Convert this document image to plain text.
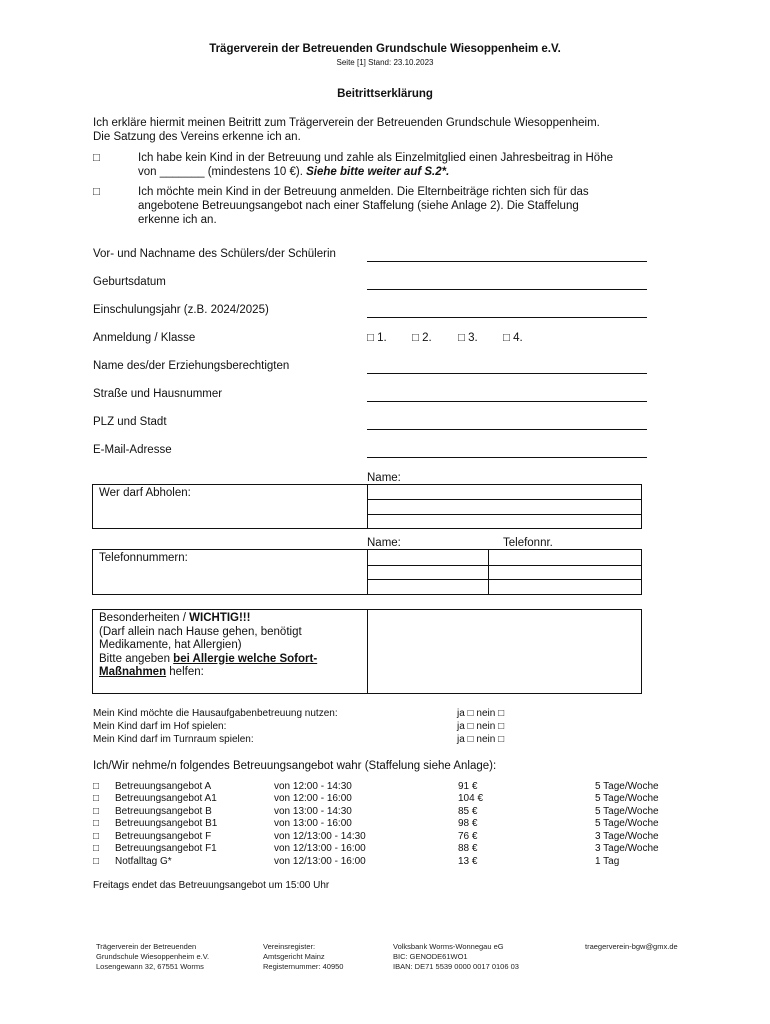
Trägerverein der Betreuenden Grundschule Wiesoppenheim e.V.
Seite [1] Stand: 23.10.2023
Beitrittserklärung
Ich erkläre hiermit meinen Beitritt zum Trägerverein der Betreuenden Grundschule Wiesoppenheim.
Die Satzung des Vereins erkenne ich an.
□	Ich habe kein Kind in der Betreuung und zahle als Einzelmitglied einen Jahresbeitrag in Höhe
von _______ (mindestens 10 €). Siehe bitte weiter auf S.2*.
□	Ich möchte mein Kind in der Betreuung anmelden. Die Elternbeiträge richten sich für das
angebotene Betreuungsangebot nach einer Staffelung (siehe Anlage 2). Die Staffelung
erkenne ich an.
Vor- und Nachname des Schülers/der Schülerin
Geburtsdatum
Einschulungsjahr (z.B. 2024/2025)
Anmeldung / Klasse	□ 1. □ 2. □ 3. □ 4.
Name des/der Erziehungsberechtigten
Straße und Hausnummer
PLZ und Stadt
E-Mail-Adresse
Name:
Wer darf Abholen:
Name:	Telefonnr.
Telefonnummern:
Besonderheiten / WICHTIG!!!
(Darf allein nach Hause gehen, benötigt
Medikamente, hat Allergien)
Bitte angeben bei Allergie welche Sofort-
Maßnahmen helfen:
Mein Kind möchte die Hausaufgabenbetreuung nutzen:	ja □ nein □
Mein Kind darf im Hof spielen:	ja □ nein □
Mein Kind darf im Turnraum spielen:	ja □ nein □
Ich/Wir nehme/n folgendes Betreuungsangebot wahr (Staffelung siehe Anlage):
□ Betreuungsangebot A	von 12:00 - 14:30	91 €	5 Tage/Woche
□ Betreuungsangebot A1	von 12:00 - 16:00	104 €	5 Tage/Woche
□ Betreuungsangebot B	von 13:00 - 14:30	85 €	5 Tage/Woche
□ Betreuungsangebot B1	von 13:00 - 16:00	98 €	5 Tage/Woche
□ Betreuungsangebot F	von 12/13:00 - 14:30	76 €	3 Tage/Woche
□ Betreuungsangebot F1	von 12/13:00 - 16:00	88 €	3 Tage/Woche
□ Notfalltag G*	von 12/13:00 - 16:00	13 €	1 Tag
Freitags endet das Betreuungsangebot um 15:00 Uhr
Trägerverein der Betreuenden
Grundschule Wiesoppenheim e.V.
Losengewann 32, 67551 Worms
Vereinsregister:
Amtsgericht Mainz
Registernummer: 40950
Volksbank Worms-Wonnegau eG
BIC: GENODE61WO1
IBAN: DE71 5539 0000 0017 0106 03
traegerverein-bgw@gmx.de
